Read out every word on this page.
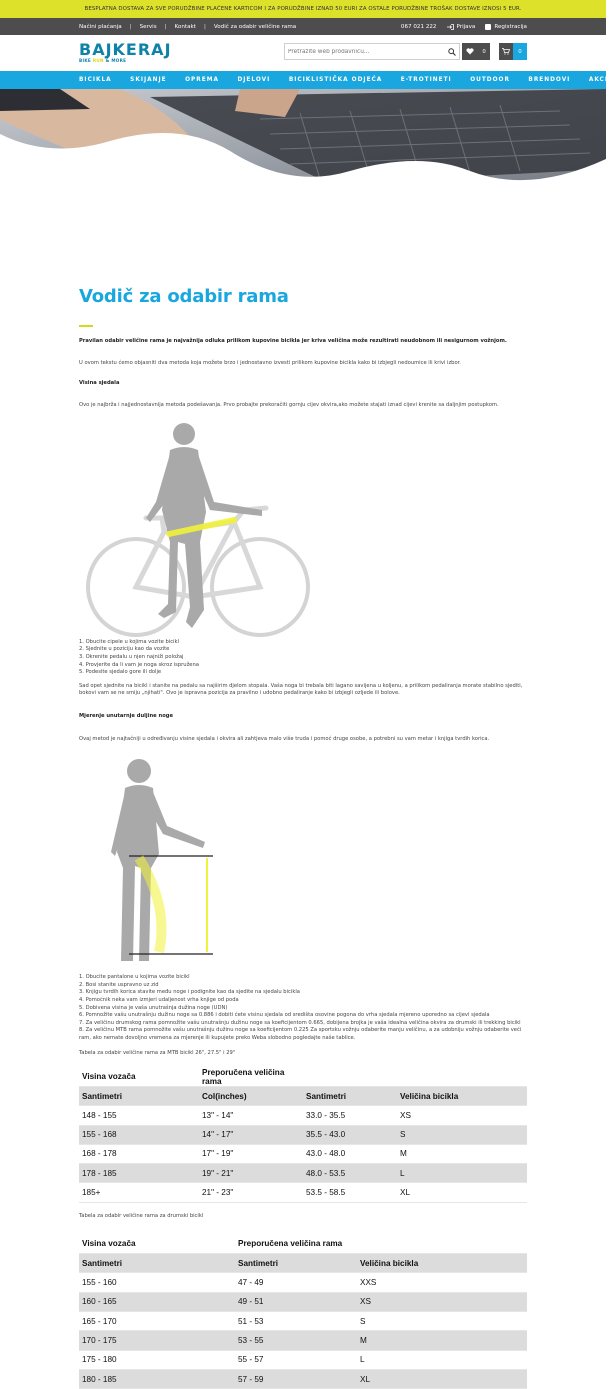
BESPLATNA DOSTAVA ZA SVE PORUDŽBINE PLAĆENE KARTICOM I ZA PORUDŽBINE IZNAD 50 EURI ZA OSTALE PORUDŽBINE TROŠAK DOSTAVE IZNOSI 5 EUR.
Načini plaćanja | Servis | Kontakt | Vodič za odabir veličine rama	067 021 222	Prijava	Registracija
BAJKERAJ
BIKE RUN & MORE
Pretražite web prodavnicu...
0	0
BICIKLA	SKIJANJE	OPREMA	DJELOVI	BICIKLISTIČKA ODJEĆA	E-TROTINETI	OUTDOOR	BRENDOVI	AKCIJE
Vodič za odabir rama

Pravilan odabir veličine rama je najvažnija odluka prilikom kupovine bicikla jer kriva veličina može rezultirati neudobnom ili nesigurnom vožnjom.

U ovom tekstu ćemo objasniti dva metoda koja možete brzo i jednostavno izvesti prilikom kupovine bicikla kako bi izbjegli nedoumice ili krivi izbor.

Visina sjedala

Ovo je najbrža i najjednostavnija metoda podešavanja. Prvo probajte prekoračiti gornju cijev okvira,ako možete stajati iznad cijevi krenite sa daljnjim postupkom.

1. Obucite cipele u kojima vozite bicikl
2. Sjednite u poziciju kao da vozite
3. Okrenite pedalu u njen najniži položaj
4. Provjerite da li vam je noga skroz ispružena
5. Podesite sjedalo gore ili dolje

Sad opet sjednite na bicikl i stanite na pedalu sa najširim djelom stopala. Vaša noga bi trebala biti lagano savijena u koljenu, a prilikom pedaliranja morate stabilno sjediti, bokovi vam se ne smiju „njihati". Ovo je ispravna pozicija za pravilno i udobno pedaliranje kako bi izbjegli ozljede ili bolove.

Mjerenje unutarnje duljine noge

Ovaj metod je najtačniji u određivanju visine sjedala i okvira ali zahtjeva malo više truda i pomoć druge osobe, a potrebni su vam metar i knjiga tvrdih korica.

1. Obucite pantalone u kojima vozite bicikl
2. Bosi stanite uspravno uz zid
3. Knjigu tvrdih korica stavite među noge i podignite kao da sjedite na sjedalu bicikla
4. Pomoćnik neka vam izmjeri udaljenost vrha knjige od poda
5. Dobivena visina je vaša unutrašnja dužina noge (UDN)
6. Pomnožite vašu unutrašnju dužinu noge sa 0.886 i dobiti ćete visinu sjedala od središta osovine pogona do vrha sjedala mjereno uporedno sa cijevi sjedala
7. Za veličinu drumskog rama pomnožite vašu unutrašnju dužinu noge sa koeficijentom 0.665, dobijena brojka je vaša idealna veličina okvira za drumski ili trekking bicikl
8. Za veličinu MTB rama pomnožite vašu unutrašnju dužinu noge sa koeficijentom 0.225 Za sportsku vožnju odaberite manju veličinu, a za udobniju vožnju odaberite veći ram, ako nemate dovoljno vremena za mjerenje ili kupujete preko Weba slobodno pogledajte naše tablice.

Tabela za odabir veličine rama za MTB bicikl 26", 27.5" i 29"

Visina vozača	Preporučena veličina rama		
Santimetri	Col(inches)	Santimetri	Veličina bicikla
148 - 155	13" - 14"	33.0 - 35.5	XS
155 - 168	14" - 17"	35.5 - 43.0	S
168 - 178	17" - 19"	43.0 - 48.0	M
178 - 185	19" - 21"	48.0 - 53.5	L
185+	21" - 23"	53.5 - 58.5	XL

Tabela za odabir veličine rama za drumski bicikl

Visina vozača	Preporučena veličina rama	
Santimetri	Santimetri	Veličina bicikla
155 - 160	47 - 49	XXS
160 - 165	49 - 51	XS
165 - 170	51 - 53	S
170 - 175	53 - 55	M
175 - 180	55 - 57	L
180 - 185	57 - 59	XL
